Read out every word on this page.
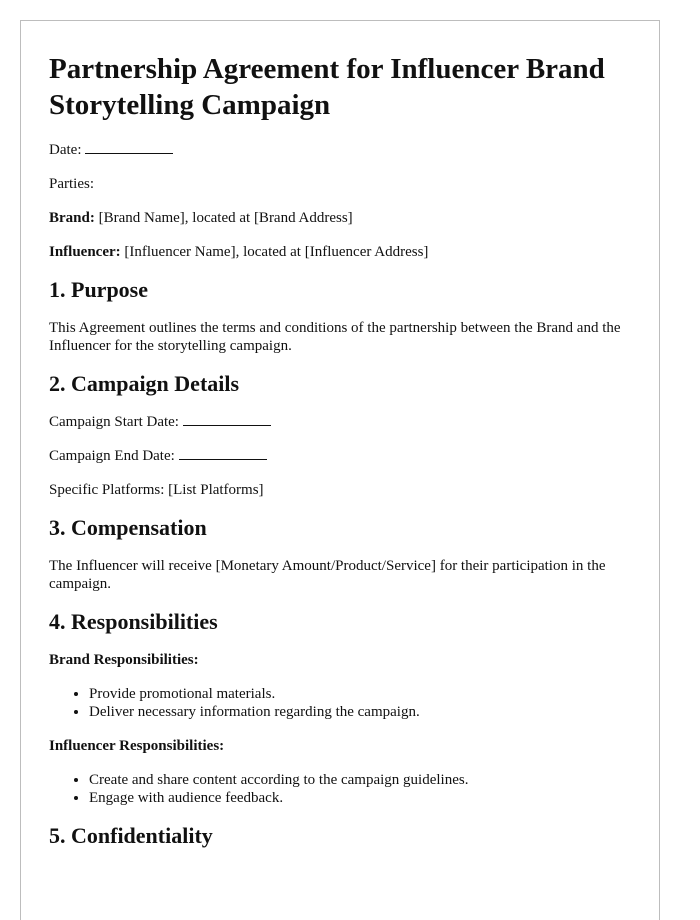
Partnership Agreement for Influencer Brand Storytelling Campaign

Date:

Parties:

Brand: [Brand Name], located at [Brand Address]

Influencer: [Influencer Name], located at [Influencer Address]

1. Purpose

This Agreement outlines the terms and conditions of the partnership between the Brand and the Influencer for the storytelling campaign.

2. Campaign Details

Campaign Start Date:

Campaign End Date:

Specific Platforms: [List Platforms]

3. Compensation

The Influencer will receive [Monetary Amount/Product/Service] for their participation in the campaign.

4. Responsibilities

Brand Responsibilities:

• Provide promotional materials.
• Deliver necessary information regarding the campaign.

Influencer Responsibilities:

• Create and share content according to the campaign guidelines.
• Engage with audience feedback.
5. Confidentiality
